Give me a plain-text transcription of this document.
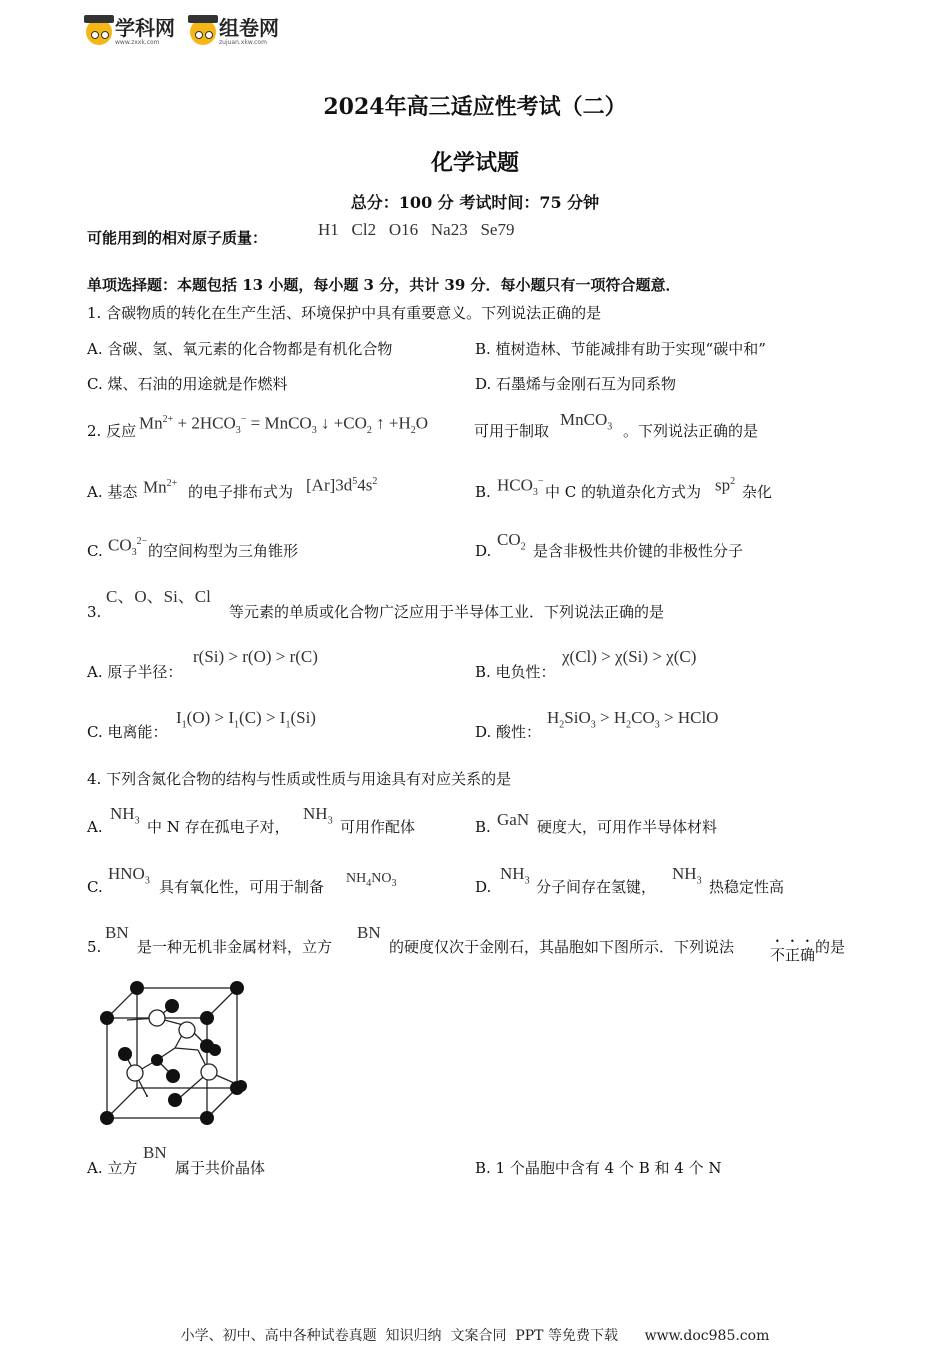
学科网
www.zxxk.com
组卷网
zujuan.xkw.com
2024年高三适应性考试（二）
化学试题
总分：100 分 考试时间：75 分钟
可能用到的相对原子质量：	H1   Cl2   O16   Na23   Se79
单项选择题：本题包括 13 小题，每小题 3 分，共计 39 分．每小题只有一项符合题意．
1. 含碳物质的转化在生产生活、环境保护中具有重要意义。下列说法正确的是
A. 含碳、氢、氧元素的化合物都是有机化合物	B. 植树造林、节能减排有助于实现“碳中和”
C. 煤、石油的用途就是作燃料	D. 石墨烯与金刚石互为同系物
2. 反应 $Mn^{2+} + 2HCO_3^-$ = MnCO$_3$ ↓ $+CO_2$ ↑ $+H_2O$	可用于制取
MnCO$_3$ 。下列说法正确的是
A. 基态 $Mn^{2+}$ 的电子排布式为 $[Ar]3d^54s^2$
B. $HCO_3^-$
中 C 的轨道杂化方式为 $sp^2$
杂化
C. $CO_3^{2-}$
的空间构型为三角锥形	D.
$CO_2$ 是含非极性共价键的非极性分子
3.
C、O、Si、Cl
等元素的单质或化合物广泛应用于半导体工业．下列说法正确的是
A. 原子半径：
r(Si) > r(O) > r(C)
B. 电负性：
χ(Cl) > χ(Si) > χ(C)
C. 电离能：
$I_1(O) > I_1(C) > I_1(Si)$
D. 酸性：
$H_2SiO_3 > H_2CO_3$ > HClO
4. 下列含氮化合物的结构与性质或性质与用途具有对应关系的是
A.
$NH_3$ 中 N 存在孤电子对，
$NH_3$ 可用作配体	B. GaN 硬度大，可用作半导体材料
C.
$HNO_3$ 具有氧化性，可用于制备 $NH_4NO_3$	D.
$NH_3$ 分子间存在氢键，
$NH_3$ 热稳定性高
5.
BN
是一种无机非金属材料，立方
BN
的硬度仅次于金刚石，其晶胞如下图所示．下列说法 不正确 的是
A. 立方
BN
属于共价晶体	B. 1 个晶胞中含有 4 个 B 和 4 个 N
小学、初中、高中各种试卷真题  知识归纳  文案合同  PPT 等免费下载      www.doc985.com
